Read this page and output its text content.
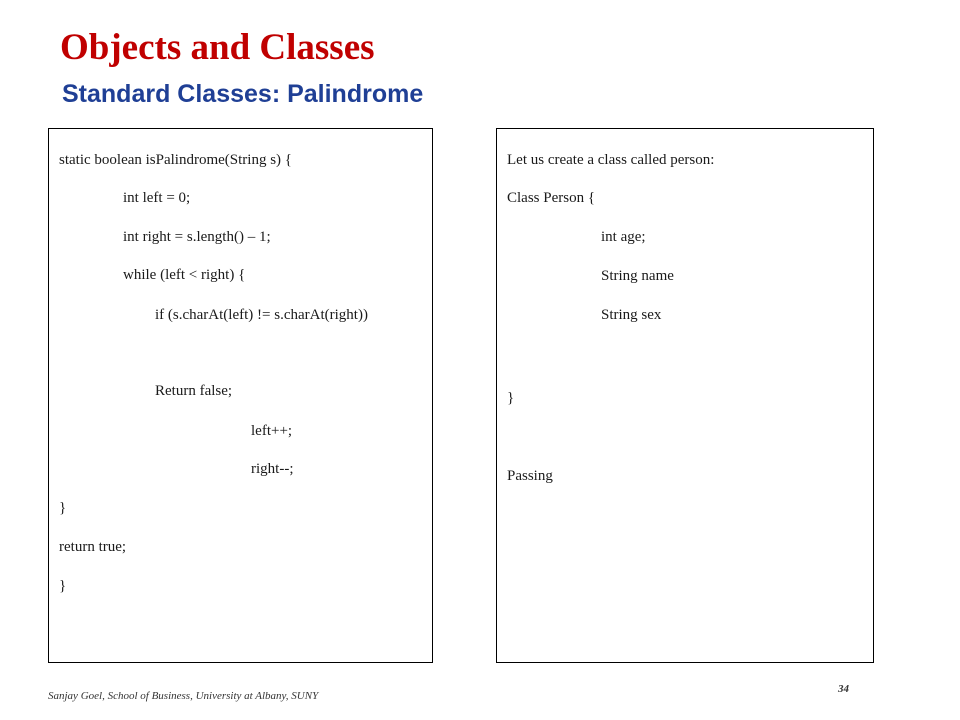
Objects and Classes
Standard Classes: Palindrome
static boolean isPalindrome(String s) {
int left = 0;
int right = s.length() – 1;
while (left < right) {
if (s.charAt(left) != s.charAt(right))
Return false;
left++;
right--;
}
return true;
}
Let us create a class called person:
Class Person {
int age;
String name
String sex
}
Passing
Sanjay Goel, School of Business, University at Albany, SUNY
34
